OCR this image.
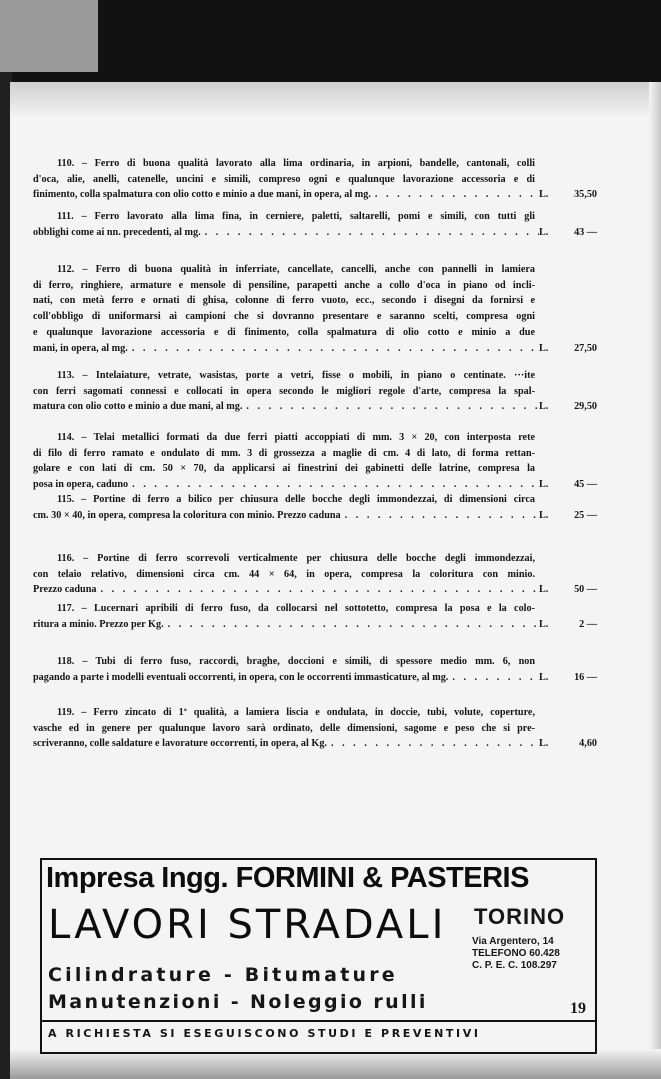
110. – Ferro di buona qualità lavorato alla lima ordinaria, in arpioni, bandelle, cantonali, colli
d'oca, alie, anelli, catenelle, uncini e simili, compreso ogni e qualunque lavorazione accessoria e di
finimento, colla spalmatura con olio cotto e minio a due mani, in opera, al mg. . . .	L.	35,50
111. – Ferro lavorato alla lima fina, in cerniere, paletti, saltarelli, pomi e simili, con tutti gli
obblighi come ai nn. precedenti, al mg. . . .	L.	43 —
112. – Ferro di buona qualità in inferriate, cancellate, cancelli, anche con pannelli in lamiera
di ferro, ringhiere, armature e mensole di pensiline, parapetti anche a collo d'oca in piano od incli-
nati, con metà ferro e ornati di ghisa, colonne di ferro vuoto, ecc., secondo i disegni da fornirsi e
coll'obbligo di uniformarsi ai campioni che si dovranno presentare e saranno scelti, compresa ogni
e qualunque lavorazione accessoria e di finimento, colla spalmatura di olio cotto e minio a due
mani, in opera, al mg. . . .	L.	27,50
113. – Intelaiature, vetrate, wasistas, porte a vetri, fisse o mobili, in piano o centinate. ···ite
con ferri sagomati connessi e collocati in opera secondo le migliori regole d'arte, compresa la spal-
matura con olio cotto e minio a due mani, al mg. . . .	L.	29,50
114. – Telai metallici formati da due ferri piatti accoppiati di mm. 3 × 20, con interposta rete
di filo di ferro ramato e ondulato di mm. 3 di grossezza a maglie di cm. 4 di lato, di forma rettan-
golare e con lati di cm. 50 × 70, da applicarsi ai finestrini dei gabinetti delle latrine, compresa la
posa in opera, caduno . . .	L.	45 —
115. – Portine di ferro a bilico per chiusura delle bocche degli immondezzai, di dimensioni circa
cm. 30 × 40, in opera, compresa la coloritura con minio. Prezzo caduna . . .	L.	25 —
116. – Portine di ferro scorrevoli verticalmente per chiusura delle bocche degli immondezzai,
con telaio relativo, dimensioni circa cm. 44 × 64, in opera, compresa la coloritura con minio.
Prezzo caduna . . .	L.	50 —
117. – Lucernari apribili di ferro fuso, da collocarsi nel sottotetto, compresa la posa e la colo-
ritura a minio. Prezzo per Kg. . . .	L.	2 —
118. – Tubi di ferro fuso, raccordi, braghe, doccioni e simili, di spessore medio mm. 6, non
pagando a parte i modelli eventuali occorrenti, in opera, con le occorrenti immasticature, al mg. . . .	L.	16 —
119. – Ferro zincato di 1ª qualità, a lamiera liscia e ondulata, in doccie, tubi, volute, coperture,
vasche ed in genere per qualunque lavoro sarà ordinato, delle dimensioni, sagome e peso che si pre-
scriveranno, colle saldature e lavorature occorrenti, in opera, al Kg. . . .	L.	4,60
Impresa Ingg. FORMINI & PASTERIS
LAVORI STRADALI
Cilindrature - Bitumature
Manutenzioni - Noleggio rulli
TORINO
Via Argentero, 14
TELEFONO 60.428
C. P. E. C. 108.297
A RICHIESTA SI ESEGUISCONO STUDI E PREVENTIVI
19
